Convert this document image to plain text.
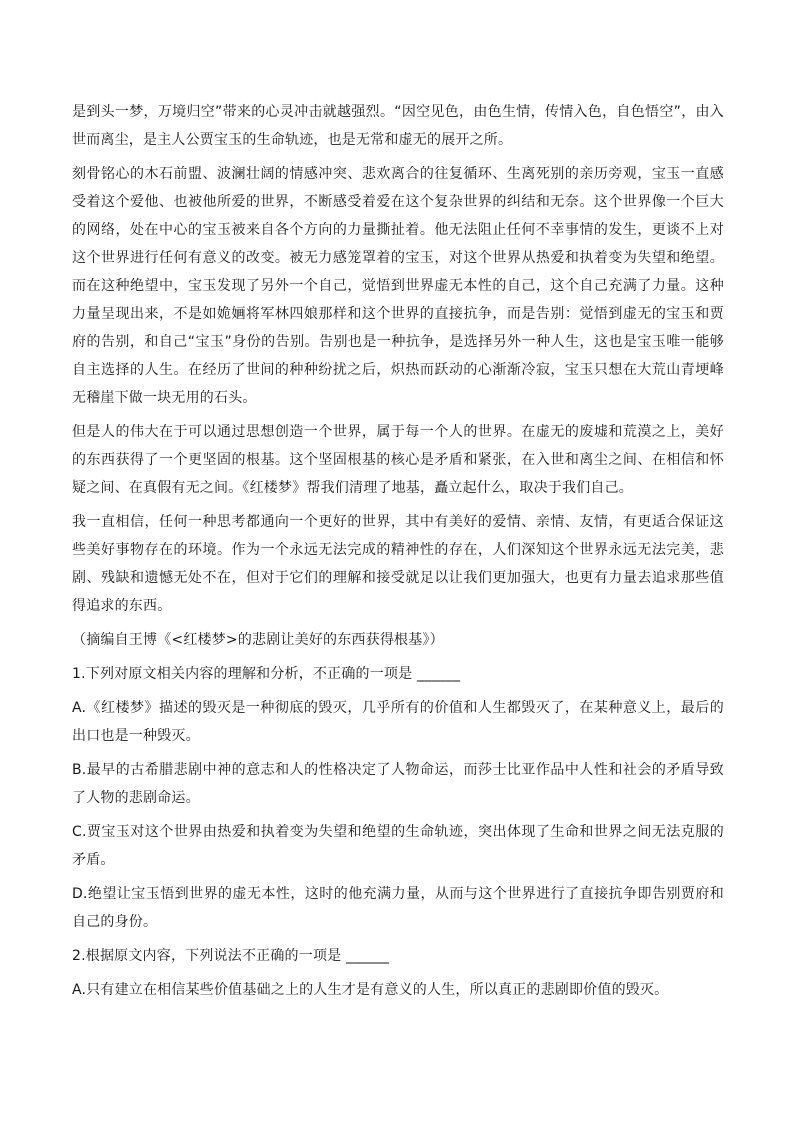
是到头一梦，万境归空”带来的心灵冲击就越强烈。“因空见色，由色生情，传情入色，自色悟空”，由入世而离尘，是主人公贾宝玉的生命轨迹，也是无常和虚无的展开之所。

刻骨铭心的木石前盟、波澜壮阔的情感冲突、悲欢离合的往复循环、生离死别的亲历旁观，宝玉一直感受着这个爱他、也被他所爱的世界，不断感受着爱在这个复杂世界的纠结和无奈。这个世界像一个巨大的网络，处在中心的宝玉被来自各个方向的力量撕扯着。他无法阻止任何不幸事情的发生，更谈不上对这个世界进行任何有意义的改变。被无力感笼罩着的宝玉，对这个世界从热爱和执着变为失望和绝望。而在这种绝望中，宝玉发现了另外一个自己，觉悟到世界虚无本性的自己，这个自己充满了力量。这种力量呈现出来，不是如姽婳将军林四娘那样和这个世界的直接抗争，而是告别：觉悟到虚无的宝玉和贾府的告别，和自己“宝玉”身份的告别。告别也是一种抗争，是选择另外一种人生，这也是宝玉唯一能够自主选择的人生。在经历了世间的种种纷扰之后，炽热而跃动的心渐渐冷寂，宝玉只想在大荒山青埂峰无稽崖下做一块无用的石头。

但是人的伟大在于可以通过思想创造一个世界，属于每一个人的世界。在虚无的废墟和荒漠之上，美好的东西获得了一个更坚固的根基。这个坚固根基的核心是矛盾和紧张，在入世和离尘之间、在相信和怀疑之间、在真假有无之间。《红楼梦》帮我们清理了地基，矗立起什么，取决于我们自己。

我一直相信，任何一种思考都通向一个更好的世界，其中有美好的爱情、亲情、友情，有更适合保证这些美好事物存在的环境。作为一个永远无法完成的精神性的存在，人们深知这个世界永远无法完美，悲剧、残缺和遗憾无处不在，但对于它们的理解和接受就足以让我们更加强大，也更有力量去追求那些值得追求的东西。

（摘编自王博《<红楼梦>的悲剧让美好的东西获得根基》）

1.下列对原文相关内容的理解和分析，不正确的一项是 ______

A.《红楼梦》描述的毁灭是一种彻底的毁灭，几乎所有的价值和人生都毁灭了，在某种意义上，最后的出口也是一种毁灭。

B.最早的古希腊悲剧中神的意志和人的性格决定了人物命运，而莎士比亚作品中人性和社会的矛盾导致了人物的悲剧命运。

C.贾宝玉对这个世界由热爱和执着变为失望和绝望的生命轨迹，突出体现了生命和世界之间无法克服的矛盾。

D.绝望让宝玉悟到世界的虚无本性，这时的他充满力量，从而与这个世界进行了直接抗争即告别贾府和自己的身份。

2.根据原文内容，下列说法不正确的一项是 ______

A.只有建立在相信某些价值基础之上的人生才是有意义的人生，所以真正的悲剧即价值的毁灭。
